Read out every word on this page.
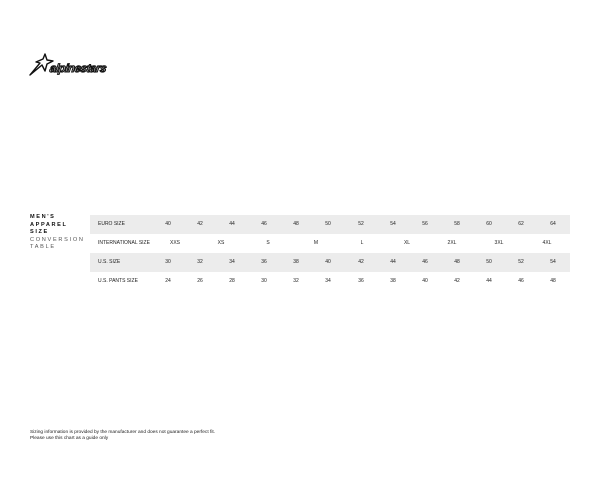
alpinestars
MEN'S
APPAREL
SIZE
CONVERSION
TABLE
EURO SIZE	40	42	44	46	48	50	52	54	56	58	60	62	64
INTERNATIONAL SIZE	XXS	XS	S	M	L	XL	2XL	3XL	4XL
U.S. SIZE	30	32	34	36	38	40	42	44	46	48	50	52	54
U.S. PANTS SIZE	24	26	28	30	32	34	36	38	40	42	44	46	48
Sizing information is provided by the manufacturer and does not guarantee a perfect fit.
Please use this chart as a guide only
